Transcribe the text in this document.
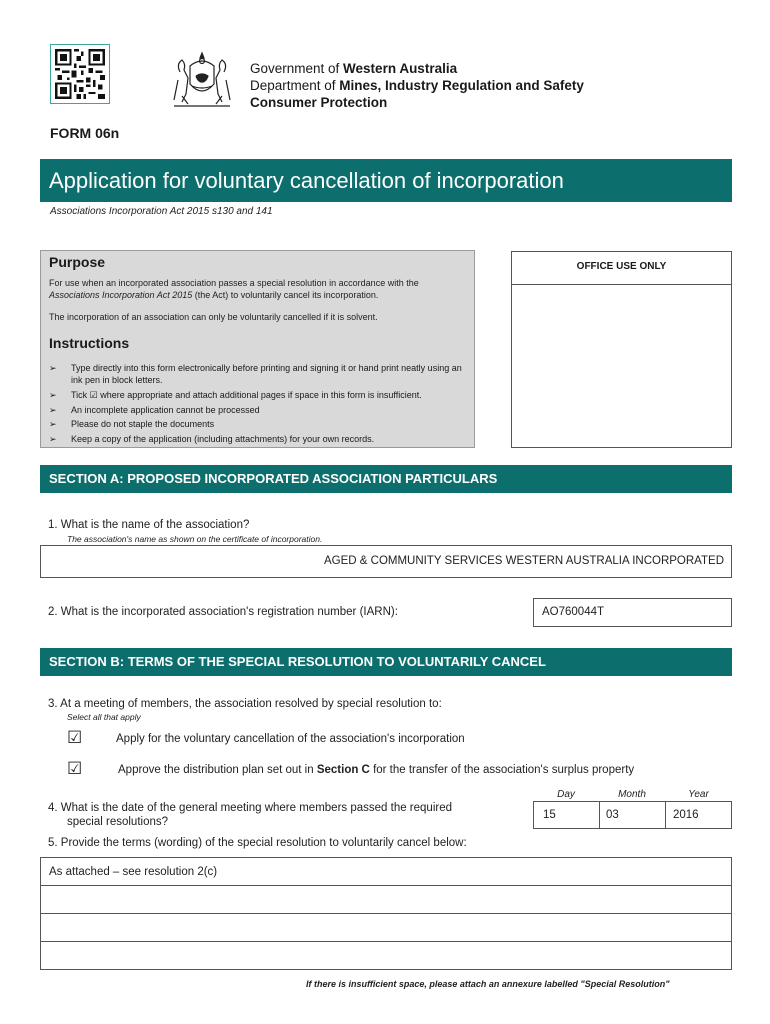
Government of Western Australia
Department of Mines, Industry Regulation and Safety
Consumer Protection
FORM 06n
Application for voluntary cancellation of incorporation
Associations Incorporation Act 2015 s130 and 141
Purpose

For use when an incorporated association passes a special resolution in accordance with the Associations Incorporation Act 2015 (the Act) to voluntarily cancel its incorporation.

The incorporation of an association can only be voluntarily cancelled if it is solvent.

Instructions
➢ Type directly into this form electronically before printing and signing it or hand print neatly using an ink pen in block letters.
➢ Tick ☑ where appropriate and attach additional pages if space in this form is insufficient.
➢ An incomplete application cannot be processed
➢ Please do not staple the documents
➢ Keep a copy of the application (including attachments) for your own records.
OFFICE USE ONLY
SECTION A: PROPOSED INCORPORATED ASSOCIATION PARTICULARS
1. What is the name of the association?
The association's name as shown on the certificate of incorporation.
AGED & COMMUNITY SERVICES WESTERN AUSTRALIA INCORPORATED
2. What is the incorporated association's registration number (IARN):	AO760044T
SECTION B: TERMS OF THE SPECIAL RESOLUTION TO VOLUNTARILY CANCEL
3. At a meeting of members, the association resolved by special resolution to:
Select all that apply
☑	Apply for the voluntary cancellation of the association's incorporation
☑	Approve the distribution plan set out in Section C for the transfer of the association's surplus property
Day	Month	Year
4. What is the date of the general meeting where members passed the required
special resolutions?
15	03	2016
5. Provide the terms (wording) of the special resolution to voluntarily cancel below:
As attached – see resolution 2(c)
If there is insufficient space, please attach an annexure labelled "Special Resolution"
